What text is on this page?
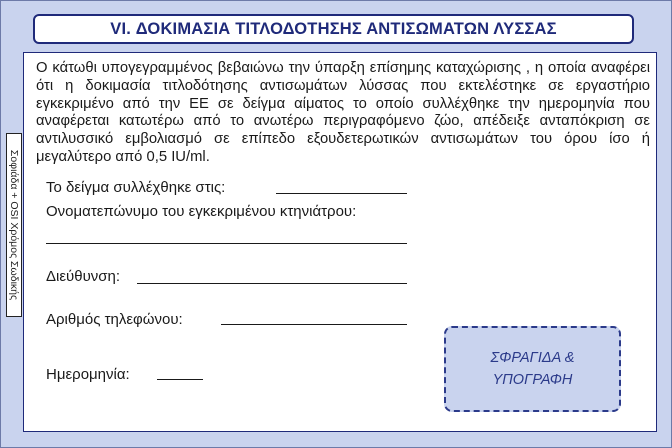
VI. ΔΟΚΙΜΑΣΙΑ ΤΙΤΛΟΔΟΤΗΣΗΣ ΑΝΤΙΣΩΜΑΤΩΝ ΛΥΣΣΑΣ
Σοφιάδα + OSI Χρόμος Σωδικής

Ο κάτωθι υπογεγραμμένος βεβαιώνω την ύπαρξη επίσημης καταχώρισης , η οποία αναφέρει ότι η δοκιμασία τιτλοδότησης αντισωμάτων λύσσας που εκτελέστηκε σε εργαστήριο εγκεκριμένο από την ΕΕ σε δείγμα αίματος το οποίο συλλέχθηκε την ημερομηνία που αναφέρεται κατωτέρω από το ανωτέρω περιγραφόμενο ζώο, απέδειξε ανταπόκριση σε αντιλυσσικό εμβολιασμό σε επίπεδο εξουδετερωτικών αντισωμάτων του όρου ίσο ή μεγαλύτερο από 0,5 IU/ml.

Το δείγμα συλλέχθηκε στις:
Ονοματεπώνυμο του εγκεκριμένου κτηνιάτρου:
Διεύθυνση:
Αριθμός τηλεφώνου:
Ημερομηνία:
ΣΦΡΑΓΙΔΑ &
ΥΠΟΓΡΑΦΗ
